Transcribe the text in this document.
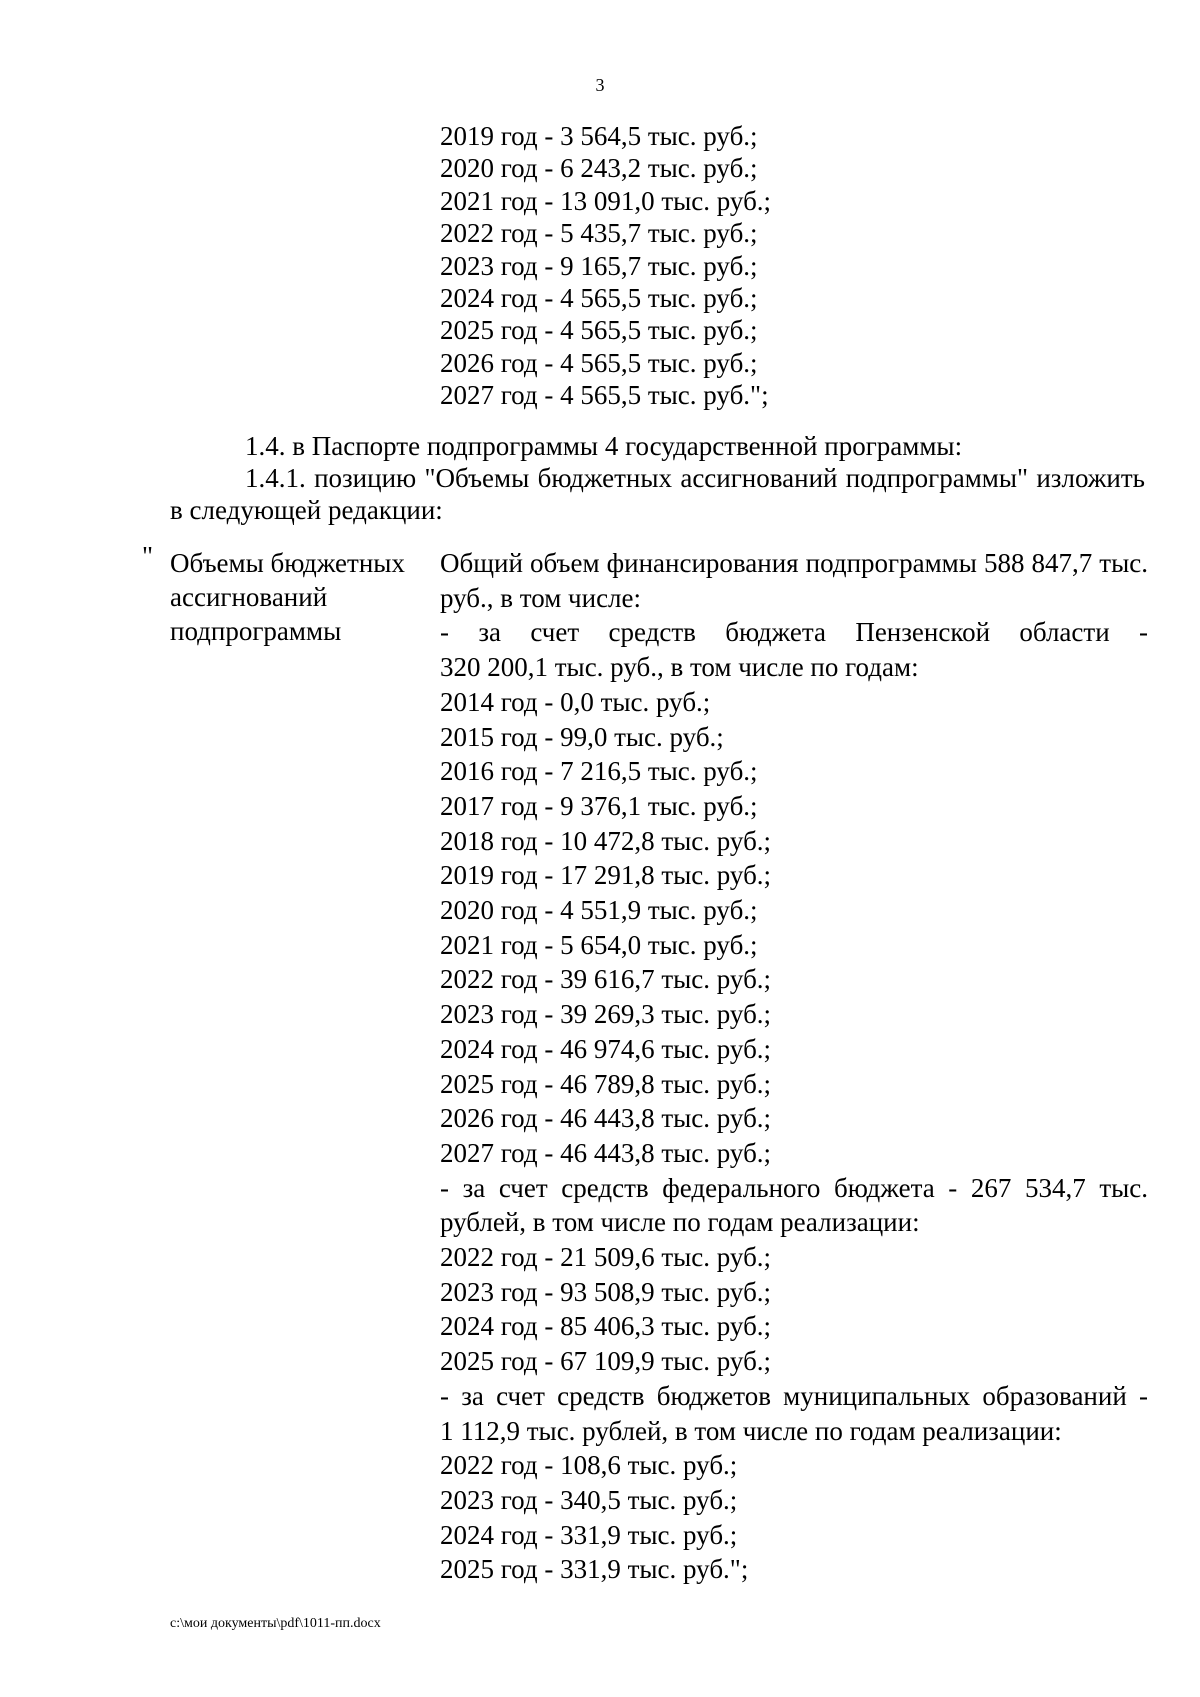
3
2019 год - 3 564,5 тыс. руб.;
2020 год - 6 243,2 тыс. руб.;
2021 год - 13 091,0 тыс. руб.;
2022 год - 5 435,7 тыс. руб.;
2023 год - 9 165,7 тыс. руб.;
2024 год - 4 565,5 тыс. руб.;
2025 год - 4 565,5 тыс. руб.;
2026 год - 4 565,5 тыс. руб.;
2027 год - 4 565,5 тыс. руб.";
1.4. в Паспорте подпрограммы 4 государственной программы:
1.4.1. позицию "Объемы бюджетных ассигнований подпрограммы" изложить
в следующей редакции:
" Объемы бюджетных
ассигнований
подпрограммы
Общий объем финансирования подпрограммы 588 847,7 тыс.
руб., в том числе:
- за счет средств бюджета Пензенской области -
320 200,1 тыс. руб., в том числе по годам:
2014 год - 0,0 тыс. руб.;
2015 год - 99,0 тыс. руб.;
2016 год - 7 216,5 тыс. руб.;
2017 год - 9 376,1 тыс. руб.;
2018 год - 10 472,8 тыс. руб.;
2019 год - 17 291,8 тыс. руб.;
2020 год - 4 551,9 тыс. руб.;
2021 год - 5 654,0 тыс. руб.;
2022 год - 39 616,7 тыс. руб.;
2023 год - 39 269,3 тыс. руб.;
2024 год - 46 974,6 тыс. руб.;
2025 год - 46 789,8 тыс. руб.;
2026 год - 46 443,8 тыс. руб.;
2027 год - 46 443,8 тыс. руб.;
- за счет средств федерального бюджета - 267 534,7 тыс.
рублей, в том числе по годам реализации:
2022 год - 21 509,6 тыс. руб.;
2023 год - 93 508,9 тыс. руб.;
2024 год - 85 406,3 тыс. руб.;
2025 год - 67 109,9 тыс. руб.;
- за счет средств бюджетов муниципальных образований -
1 112,9 тыс. рублей, в том числе по годам реализации:
2022 год - 108,6 тыс. руб.;
2023 год - 340,5 тыс. руб.;
2024 год - 331,9 тыс. руб.;
2025 год - 331,9 тыс. руб.";
c:\мои документы\pdf\1011-пп.docx
